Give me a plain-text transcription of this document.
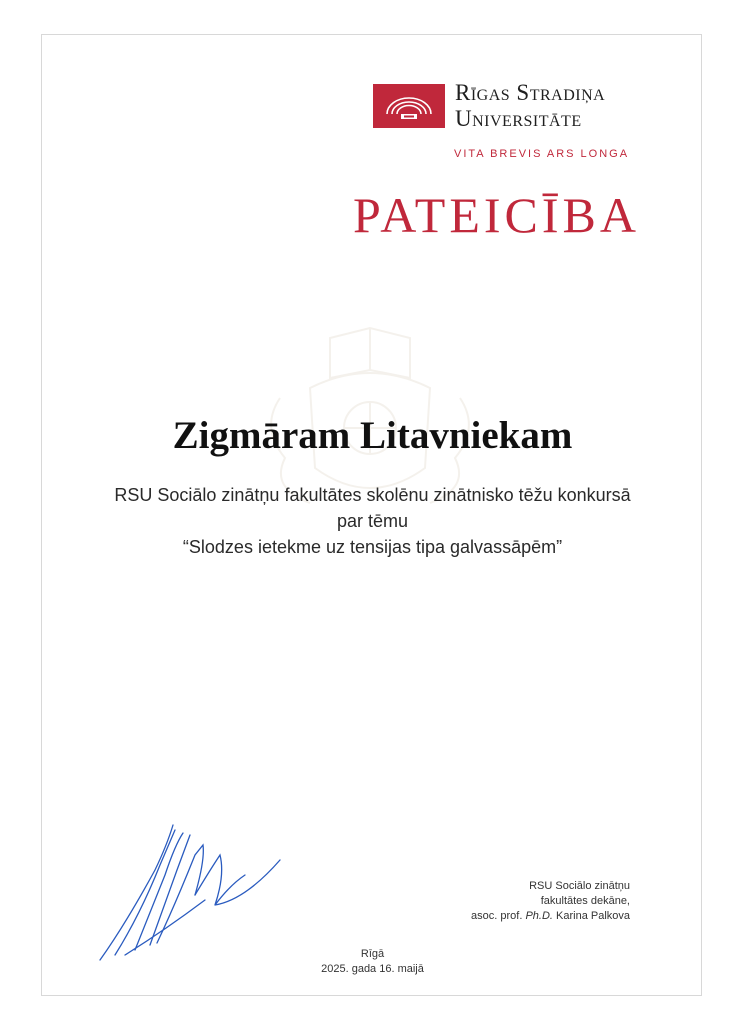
Rīgas Stradiņa
Universitāte
VITA BREVIS ARS LONGA
PATEICĪBA
Zigmāram Litavniekam
RSU Sociālo zinātņu fakultātes skolēnu zinātnisko tēžu konkursā
par tēmu
“Slodzes ietekme uz tensijas tipa galvassāpēm”
RSU Sociālo zinātņu
fakultātes dekāne,
asoc. prof. Ph.D. Karina Palkova
Rīgā
2025. gada 16. maijā
